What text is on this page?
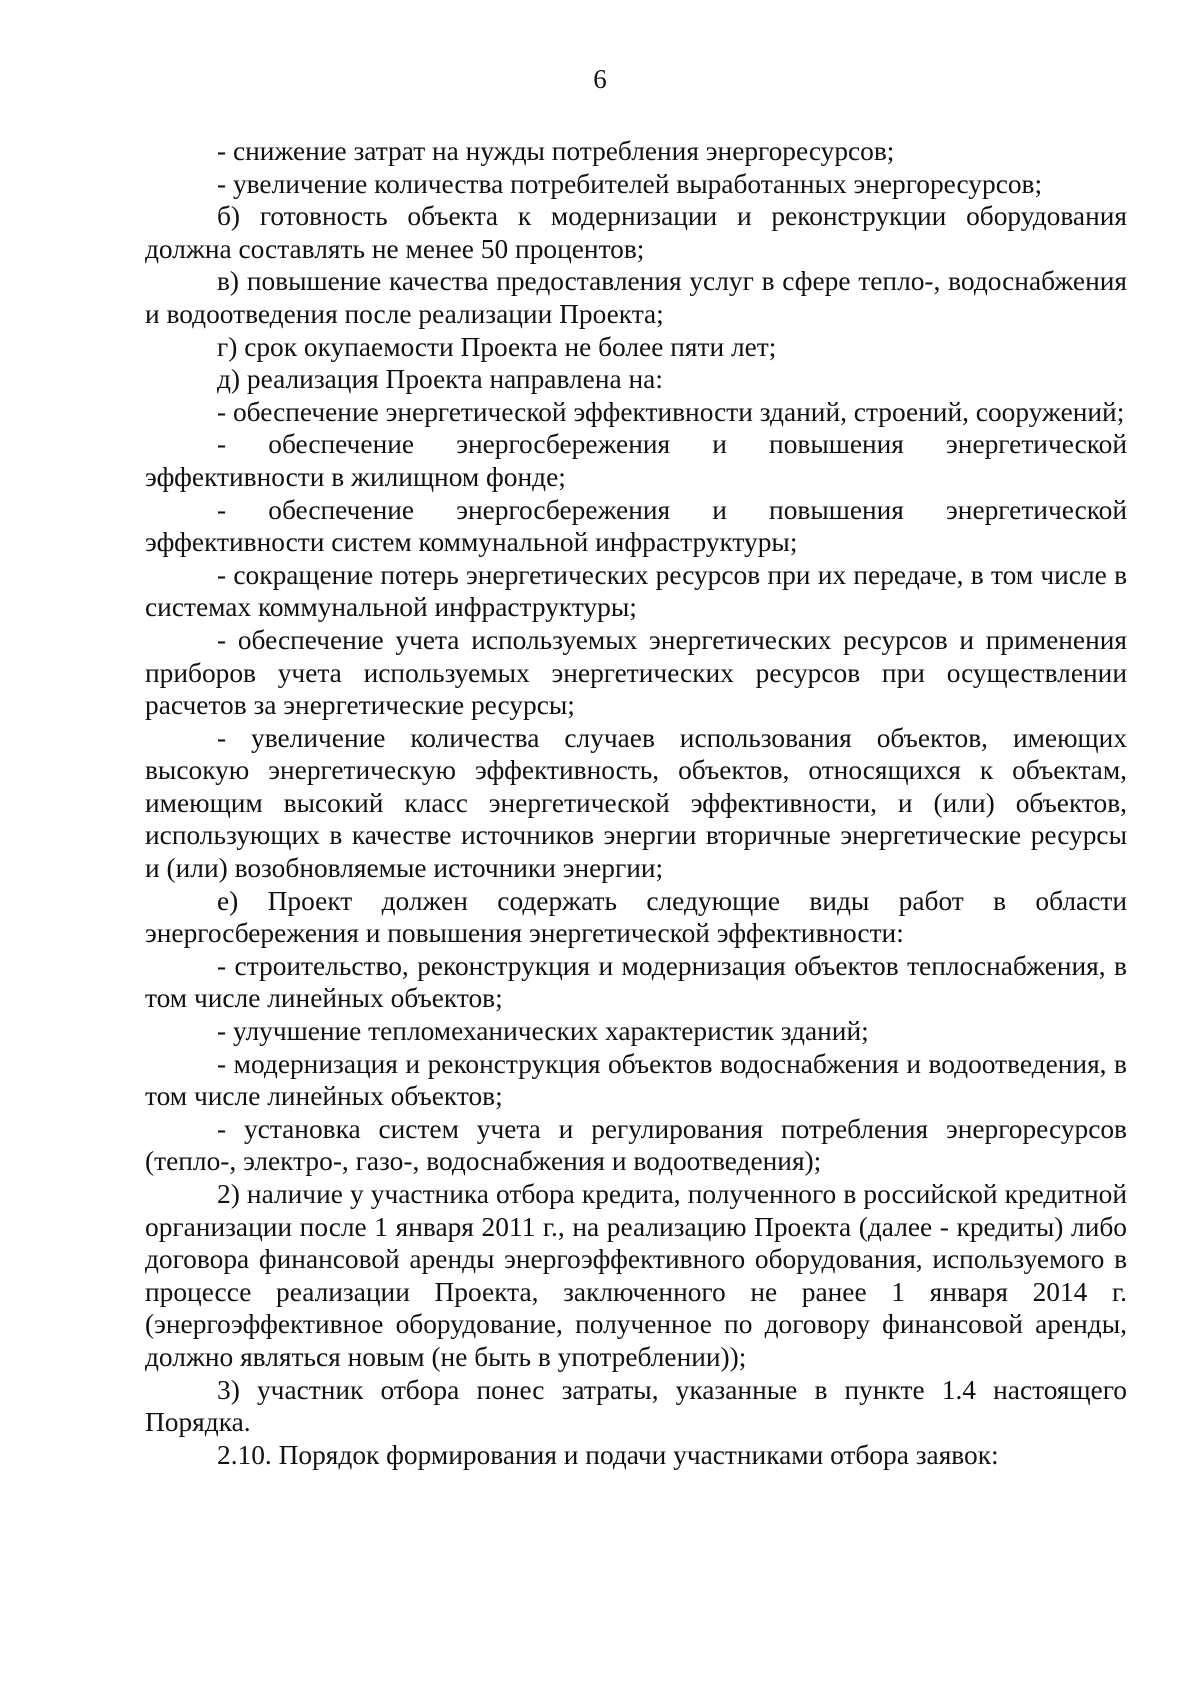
6

- снижение затрат на нужды потребления энергоресурсов;

- увеличение количества потребителей выработанных энергоресурсов;

б) готовность объекта к модернизации и реконструкции оборудования должна составлять не менее 50 процентов;

в) повышение качества предоставления услуг в сфере тепло-, водоснабжения и водоотведения после реализации Проекта;

г) срок окупаемости Проекта не более пяти лет;

д) реализация Проекта направлена на:

- обеспечение энергетической эффективности зданий, строений, сооружений;

- обеспечение энергосбережения и повышения энергетической эффективности в жилищном фонде;

- обеспечение энергосбережения и повышения энергетической эффективности систем коммунальной инфраструктуры;

- сокращение потерь энергетических ресурсов при их передаче, в том числе в системах коммунальной инфраструктуры;

- обеспечение учета используемых энергетических ресурсов и применения приборов учета используемых энергетических ресурсов при осуществлении расчетов за энергетические ресурсы;

- увеличение количества случаев использования объектов, имеющих высокую энергетическую эффективность, объектов, относящихся к объектам, имеющим высокий класс энергетической эффективности, и (или) объектов, использующих в качестве источников энергии вторичные энергетические ресурсы и (или) возобновляемые источники энергии;

е) Проект должен содержать следующие виды работ в области энергосбережения и повышения энергетической эффективности:

- строительство, реконструкция и модернизация объектов теплоснабжения, в том числе линейных объектов;

- улучшение тепломеханических характеристик зданий;

- модернизация и реконструкция объектов водоснабжения и водоотведения, в том числе линейных объектов;

- установка систем учета и регулирования потребления энергоресурсов (тепло-, электро-, газо-, водоснабжения и водоотведения);

2) наличие у участника отбора кредита, полученного в российской кредитной организации после 1 января 2011 г., на реализацию Проекта (далее - кредиты) либо договора финансовой аренды энергоэффективного оборудования, используемого в процессе реализации Проекта, заключенного не ранее 1 января 2014 г. (энергоэффективное оборудование, полученное по договору финансовой аренды, должно являться новым (не быть в употреблении));

3) участник отбора понес затраты, указанные в пункте 1.4 настоящего Порядка.

2.10. Порядок формирования и подачи участниками отбора заявок:
